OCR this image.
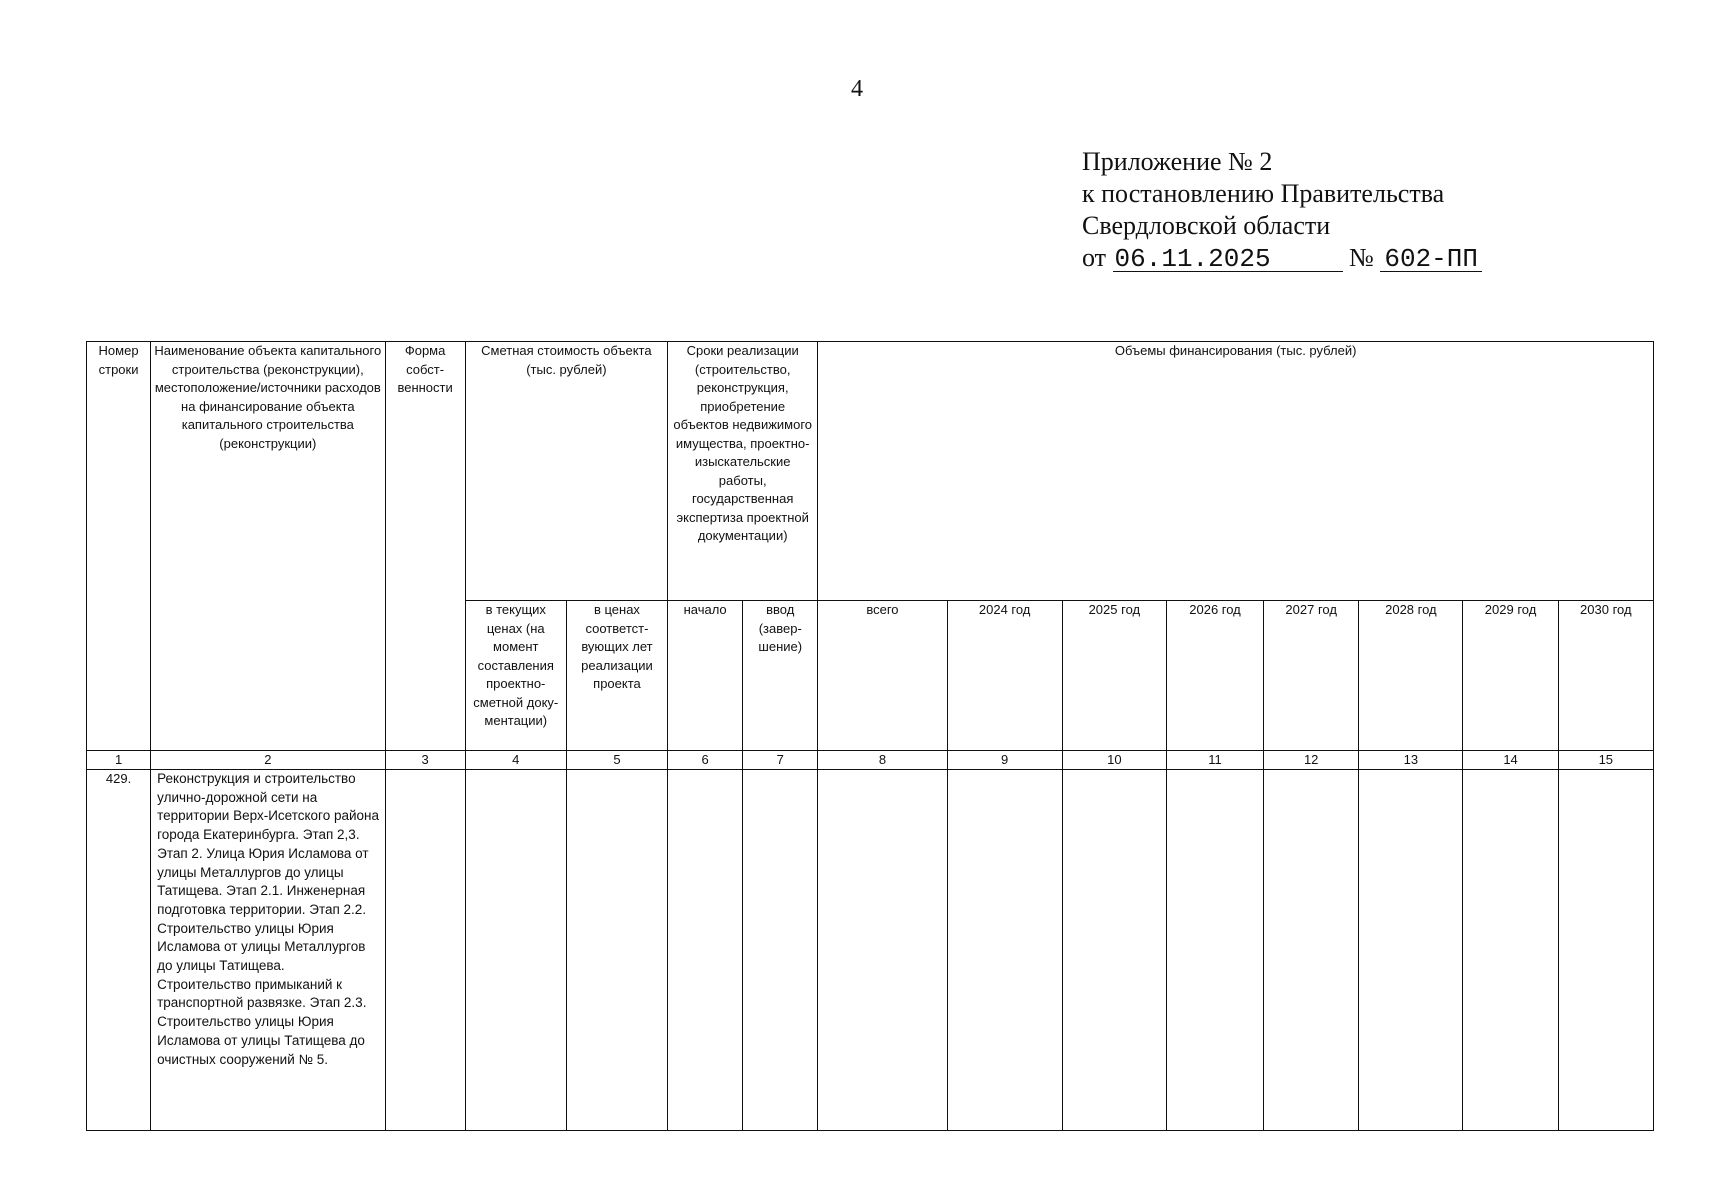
4
Приложение № 2
к постановлению Правительства
Свердловской области
от 06.11.2025	№ 602-ПП
Номер строки	Наименование объекта капитального строительства (реконструкции), местоположение/источники расходов на финансирование объекта капитального строительства (реконструкции)	Форма собст-венности	Сметная стоимость объекта (тыс. рублей)		Сроки реализации (строительство, реконструкция, приобретение объектов недвижимого имущества, проектно-изыскательские работы, государственная экспертиза проектной документации)		Объемы финансирования (тыс. рублей)							
			в текущих ценах (на момент составления проектно-сметной доку-ментации)	в ценах соответст-вующих лет реализации проекта	начало	ввод (завер-шение)	всего	2024 год	2025 год	2026 год	2027 год	2028 год	2029 год	2030 год
1	2	3	4	5	6	7	8	9	10	11	12	13	14	15
429.	Реконструкция и строительство улично-дорожной сети на территории Верх-Исетского района города Екатеринбурга. Этап 2,3. Этап 2. Улица Юрия Исламова от улицы Металлургов до улицы Татищева. Этап 2.1. Инженерная подготовка территории. Этап 2.2. Строительство улицы Юрия Исламова от улицы Металлургов до улицы Татищева. Строительство примыканий к транспортной развязке. Этап 2.3. Строительство улицы Юрия Исламова от улицы Татищева до очистных сооружений № 5.													
